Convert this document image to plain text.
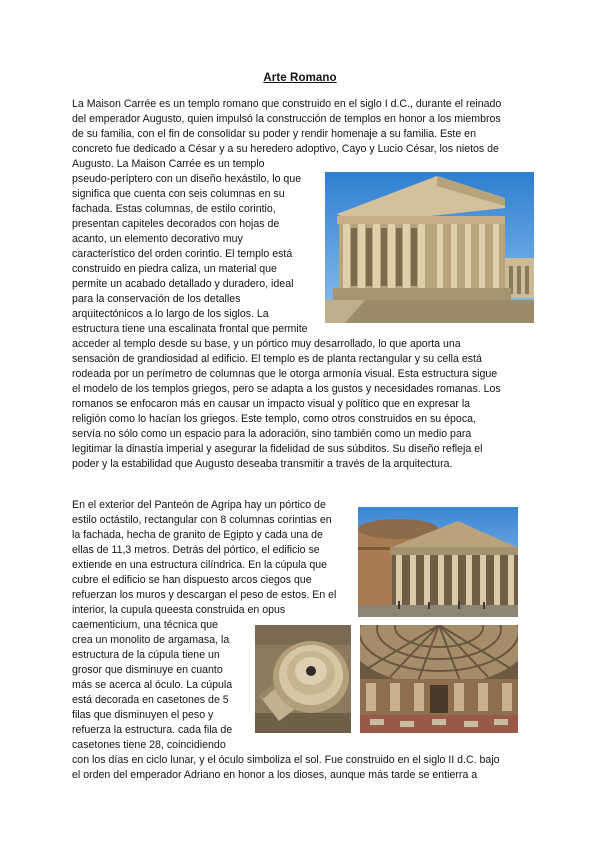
Arte Romano
La Maison Carrée es un templo romano que construido en el siglo I d.C., durante el reinado
del emperador Augusto, quien impulsó la construcción de templos en honor a los miembros
de su familia, con el fin de consolidar su poder y rendir homenaje a su familia. Este en
concreto fue dedicado a César y a su heredero adoptivo, Cayo y Lucio César, los nietos de
Augusto. La Maison Carrée es un templo
pseudo-períptero con un diseño hexástilo, lo que
significa que cuenta con seis columnas en su
fachada. Estas columnas, de estilo corintio,
presentan capiteles decorados con hojas de
acanto, un elemento decorativo muy
característico del orden corintio. El templo está
construido en piedra caliza, un material que
permite un acabado detallado y duradero, ideal
para la conservación de los detalles
arquitectónicos a lo largo de los siglos. La
estructura tiene una escalinata frontal que permite
acceder al templo desde su base, y un pórtico muy desarrollado, lo que aporta una
sensación de grandiosidad al edificio. El templo es de planta rectangular y su cella está
rodeada por un perímetro de columnas que le otorga armonía visual. Esta estructura sigue
el modelo de los templos griegos, pero se adapta a los gustos y necesidades romanas. Los
romanos se enfocaron más en causar un impacto visual y político que en expresar la
religión como lo hacían los griegos. Este templo, como otros construidos en su época,
servía no sólo como un espacio para la adoración, sino también como un medio para
legitimar la dinastía imperial y asegurar la fidelidad de sus súbditos. Su diseño refleja el
poder y la estabilidad que Augusto deseaba transmitir a través de la arquitectura.
En el exterior del Panteón de Agripa hay un pórtico de
estilo octástilo, rectangular con 8 columnas corintias en
la fachada, hecha de granito de Egipto y cada una de
ellas de 11,3 metros. Detrás del pórtico, el edificio se
extiende en una estructura cilíndrica. En la cúpula que
cubre el edificio se han dispuesto arcos ciegos que
refuerzan los muros y descargan el peso de estos. En el
interior, la cupula queesta construida en opus
caementicium, una técnica que
crea un monolito de argamasa, la
estructura de la cúpula tiene un
grosor que disminuye en cuanto
más se acerca al óculo. La cúpula
está decorada en casetones de 5
filas que disminuyen el peso y
refuerza la estructura. cada fila de
casetones tiene 28, coincidiendo
con los días en ciclo lunar, y el óculo simboliza el sol. Fue construido en el siglo II d.C. bajo
el orden del emperador Adriano en honor a los dioses, aunque más tarde se entierra a
